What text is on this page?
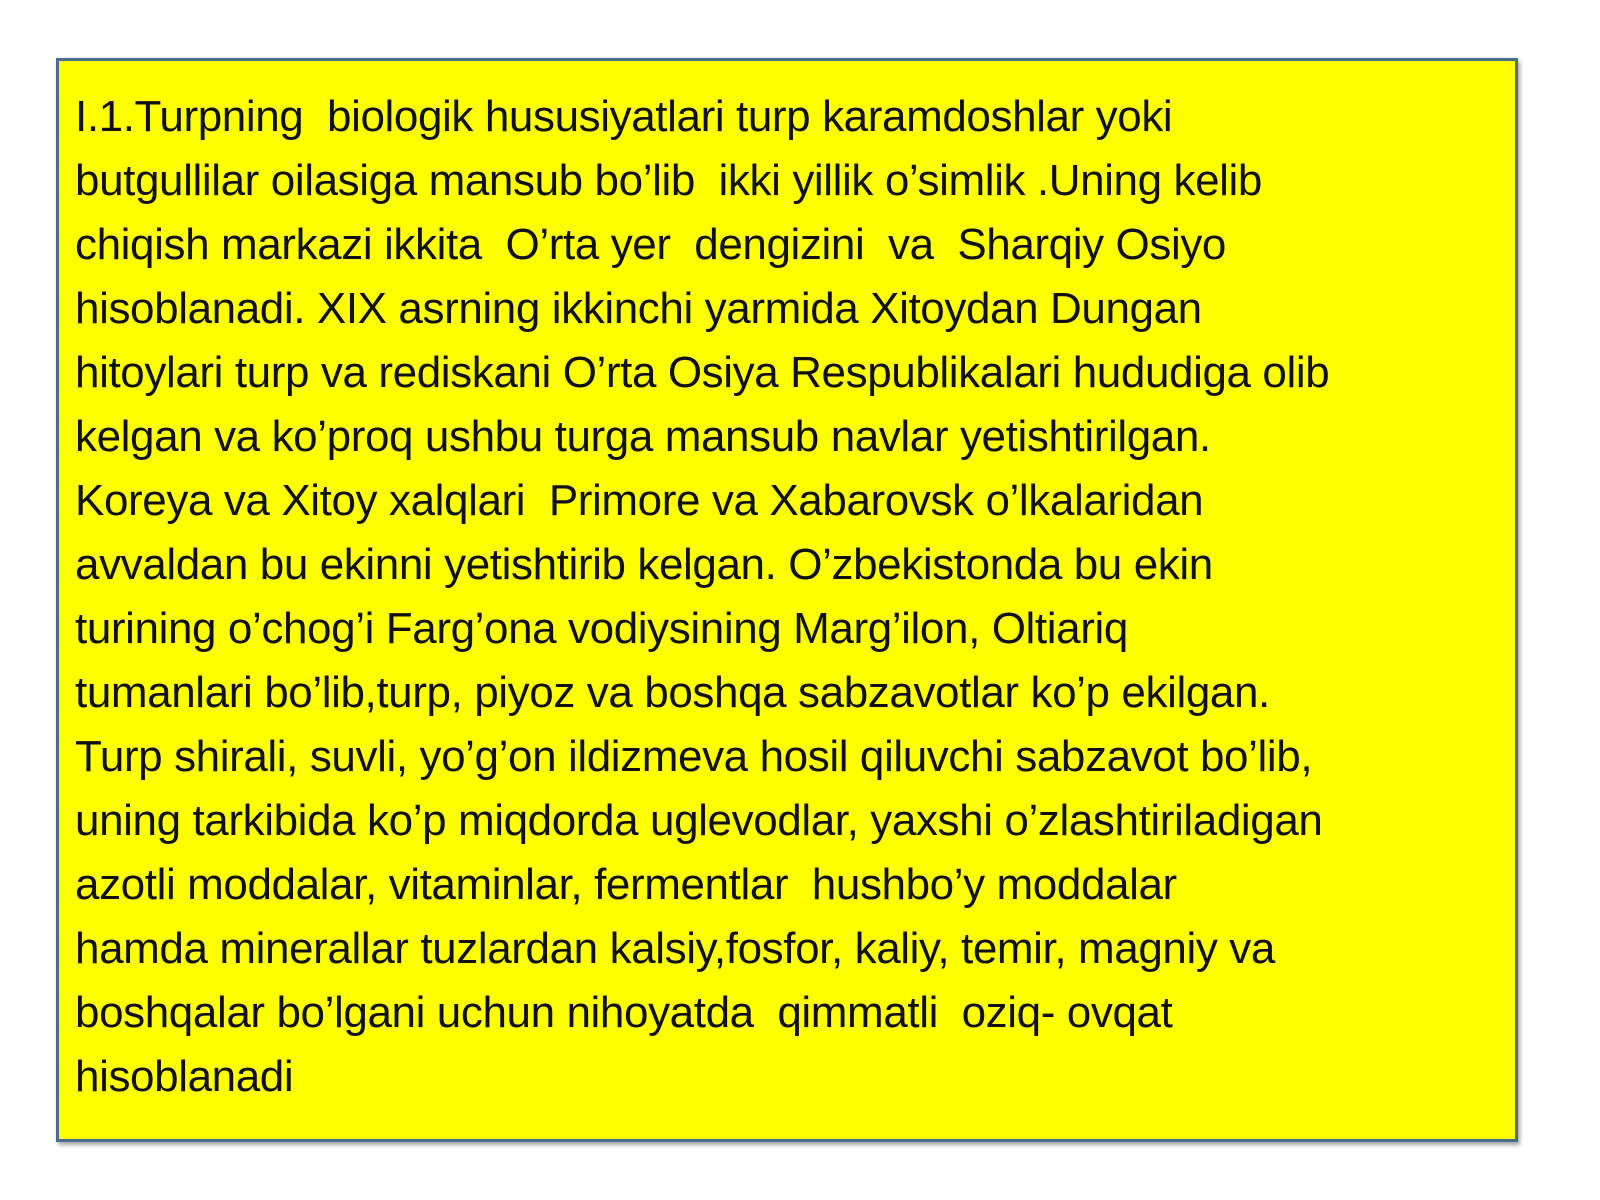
I.1.Turpning  biologik hususiyatlari turp karamdoshlar yoki
butgullilar oilasiga mansub bo’lib  ikki yillik o’simlik .Uning kelib
chiqish markazi ikkita  O’rta yer  dengizini  va  Sharqiy Osiyo
hisoblanadi. XIX asrning ikkinchi yarmida Xitoydan Dungan
hitoylari turp va rediskani O’rta Osiya Respublikalari hududiga olib
kelgan va ko’proq ushbu turga mansub navlar yetishtirilgan.
Koreya va Xitoy xalqlari  Primore va Xabarovsk o’lkalaridan
avvaldan bu ekinni yetishtirib kelgan. O’zbekistonda bu ekin
turining o’chog’i Farg’ona vodiysining Marg’ilon, Oltiariq
tumanlari bo’lib,turp, piyoz va boshqa sabzavotlar ko’p ekilgan.
Turp shirali, suvli, yo’g’on ildizmeva hosil qiluvchi sabzavot bo’lib,
uning tarkibida ko’p miqdorda uglevodlar, yaxshi o’zlashtiriladigan
azotli moddalar, vitaminlar, fermentlar  hushbo’y moddalar
hamda minerallar tuzlardan kalsiy,fosfor, kaliy, temir, magniy va
boshqalar bo’lgani uchun nihoyatda  qimmatli  oziq- ovqat
hisoblanadi
